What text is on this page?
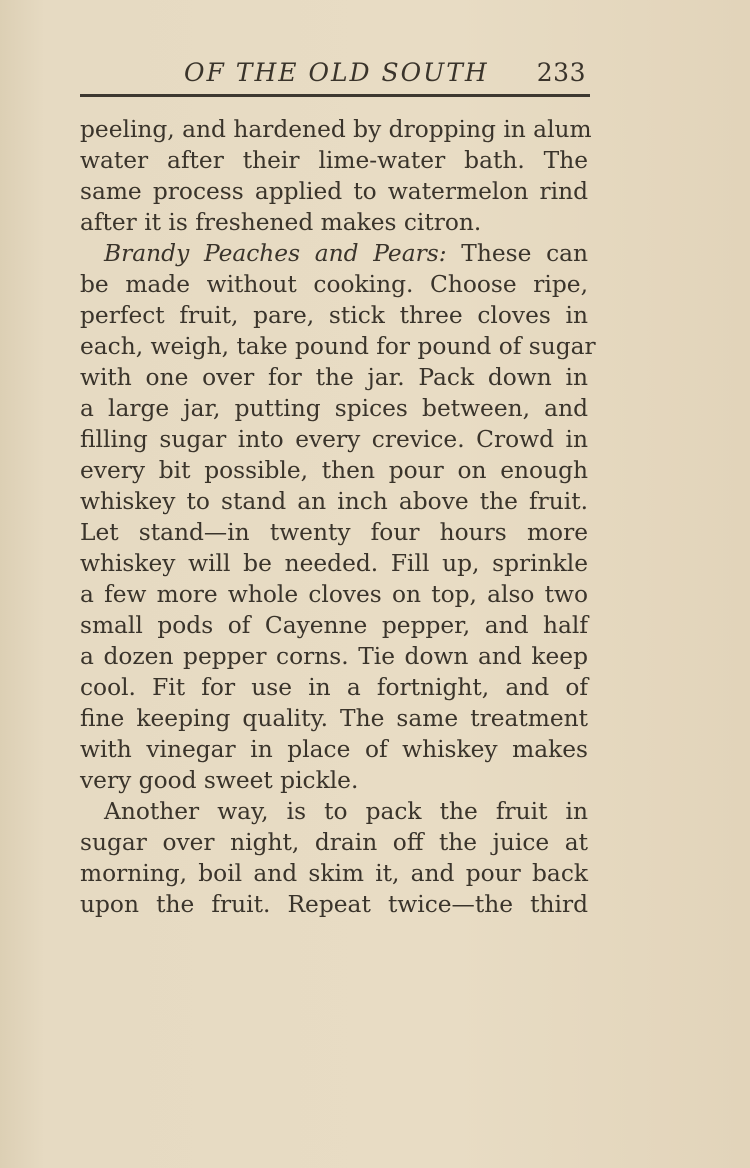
OF THE OLD SOUTH 233
peeling, and hardened by dropping in alum
water after their lime-water bath. The
same process applied to watermelon rind
after it is freshened makes citron.
Brandy Peaches and Pears: These can
be made without cooking. Choose ripe,
perfect fruit, pare, stick three cloves in
each, weigh, take pound for pound of sugar
with one over for the jar. Pack down in
a large jar, putting spices between, and
filling sugar into every crevice. Crowd in
every bit possible, then pour on enough
whiskey to stand an inch above the fruit.
Let stand—in twenty four hours more
whiskey will be needed. Fill up, sprinkle
a few more whole cloves on top, also two
small pods of Cayenne pepper, and half
a dozen pepper corns. Tie down and keep
cool. Fit for use in a fortnight, and of
fine keeping quality. The same treatment
with vinegar in place of whiskey makes
very good sweet pickle.
Another way, is to pack the fruit in
sugar over night, drain off the juice at
morning, boil and skim it, and pour back
upon the fruit. Repeat twice—the third
